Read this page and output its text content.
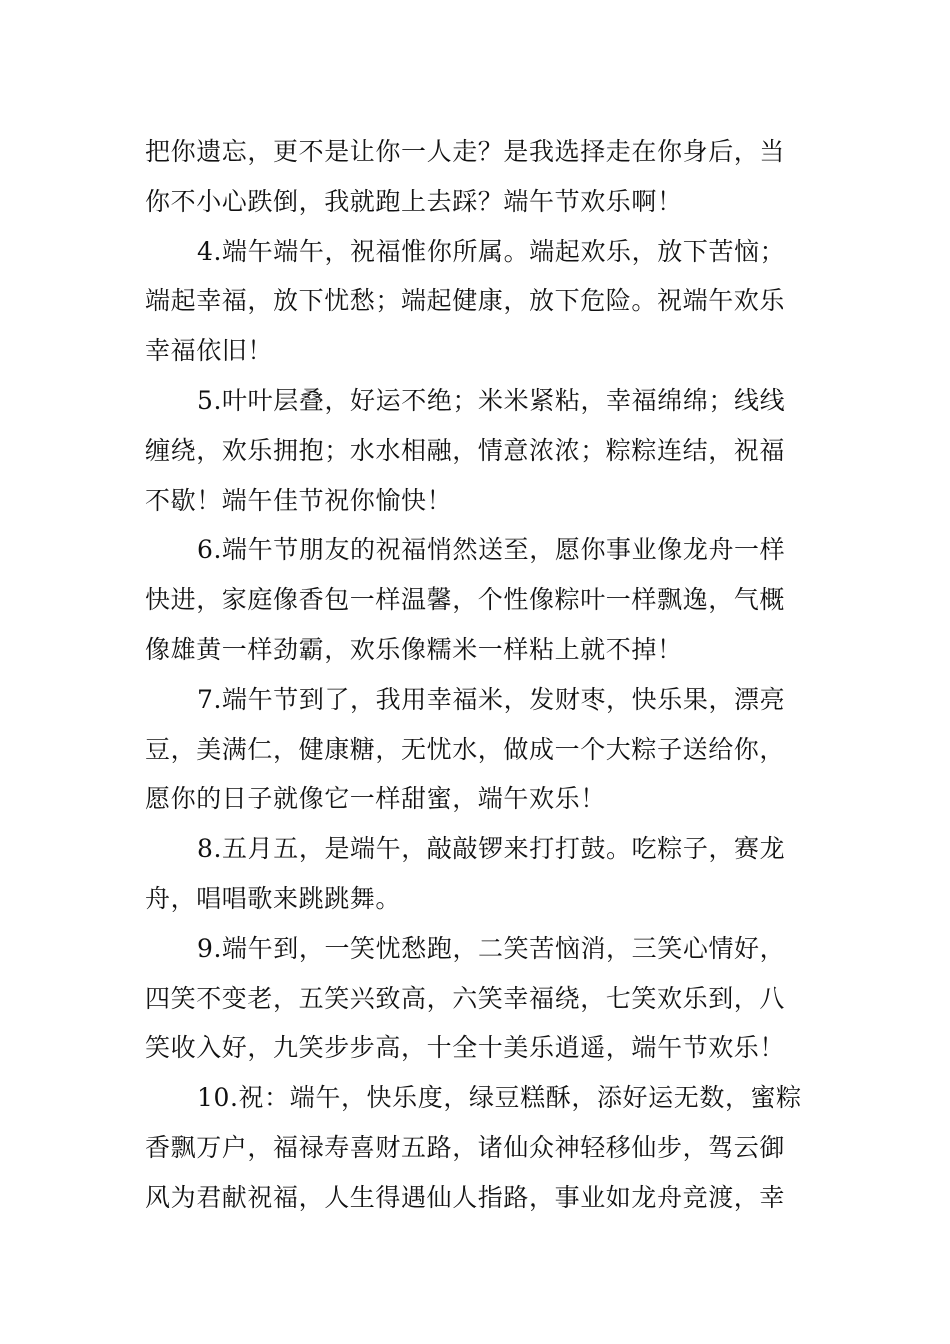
把你遗忘，更不是让你一人走？是我选择走在你身后，当
你不小心跌倒，我就跑上去踩？端午节欢乐啊！
4.端午端午，祝福惟你所属。端起欢乐，放下苦恼；
端起幸福，放下忧愁；端起健康，放下危险。祝端午欢乐
幸福依旧！
5.叶叶层叠，好运不绝；米米紧粘，幸福绵绵；线线
缠绕，欢乐拥抱；水水相融，情意浓浓；粽粽连结，祝福
不歇！端午佳节祝你愉快！
6.端午节朋友的祝福悄然送至，愿你事业像龙舟一样
快进，家庭像香包一样温馨，个性像粽叶一样飘逸，气概
像雄黄一样劲霸，欢乐像糯米一样粘上就不掉！
7.端午节到了，我用幸福米，发财枣，快乐果，漂亮
豆，美满仁，健康糖，无忧水，做成一个大粽子送给你，
愿你的日子就像它一样甜蜜，端午欢乐！
8.五月五，是端午，敲敲锣来打打鼓。吃粽子，赛龙
舟，唱唱歌来跳跳舞。
9.端午到，一笑忧愁跑，二笑苦恼消，三笑心情好，
四笑不变老，五笑兴致高，六笑幸福绕，七笑欢乐到，八
笑收入好，九笑步步高，十全十美乐逍遥，端午节欢乐！
10.祝：端午，快乐度，绿豆糕酥，添好运无数，蜜粽
香飘万户，福禄寿喜财五路，诸仙众神轻移仙步，驾云御
风为君献祝福，人生得遇仙人指路，事业如龙舟竞渡，幸
